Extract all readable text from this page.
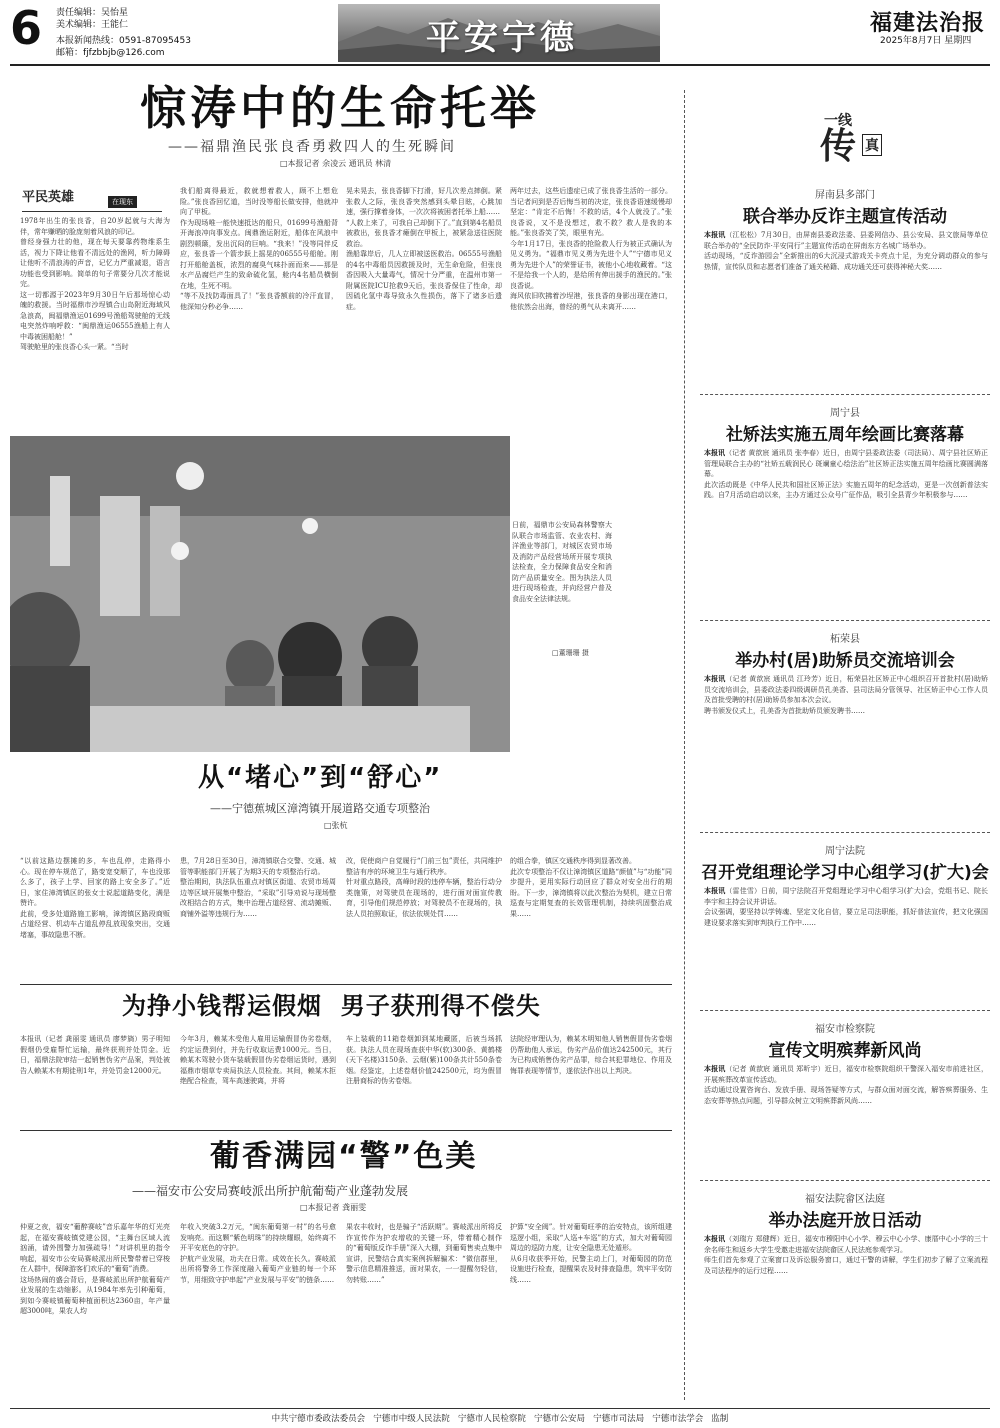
6 责任编辑：吴怡星
美术编辑：王能仁
本报新闻热线：0591-87095453
邮箱：fjfzbbjb@126.com	平安宁德	福建法治报
2025年8月7日 星期四
惊涛中的生命托举
——福鼎渔民张良香勇救四人的生死瞬间
□本报记者 余凌云 通讯员 林清
平民英雄	在现东
1978年出生的张良香，自20岁起就与大海为伴，常年赚晒的脸庞刻着风浪的印记。
曾经身强力壮的他，现在每天要靠药物维系生活，视力下降让他看不清远处的渔网，听力障碍让他听不清浪涛的声音，记忆力严重减退，语言功能也受到影响。简单的句子常要分几次才能说完。
这一切都源于2023年9月30日午后那场惊心动魄的救援。当时福鼎市沙埕镇合山岛附近海域风急浪高，闽福鼎渔运01699号渔船驾驶舱的无线电突然炸响呼救：“闽鼎渔运06555渔船上有人中毒被困船舱！”
驾驶舱里的张良香心头一紧。“当时
我们船离得最近，救就想着救人，顾不上想危险。”张良香回忆道，当时没等船长做安排，他就冲向了甲板。
作为现场唯一能快速抵达的船只，01699号渔船背开海浪冲向事发点。闽鼎渔运附近，船体在风浪中剧烈顿簸，发出沉闷的巨响。“我来！”没等同伴反应，张良香一个箭步跃上摇晃的06555号船舱。刚打开船舱盖板，浓烈的腐臭气味扑面而来——那是水产品腐烂产生的致命硫化氢，舱内4名船员横倒在地，生死不明。
“等不及找防毒面具了！”张良香额前的冷汗直冒，他深知分秒必争……
晃未晃去，张良香脚下打滑，好几次差点摔倒。紧张救人之际，张良香突然感到头晕目眩，心跳加速，强行撑着身体，一次次将被困者托举上船……
“人救上来了，可我自己却倒下了。”直到第4名船员被救出，张良香才瘫倒在甲板上，被紧急送往医院救治。
渔船靠岸后，几人立即被送医救治。06555号渔船的4名中毒船员因救援及时，无生命危险，但张良香因吸入大量毒气，情况十分严重，在温州市第一附属医院ICU抢救9天后，张良香保住了性命，却因硫化氢中毒导致永久性损伤，落下了诸多后遗症。
两年过去，这些后遗症已成了张良香生活的一部分。当记者问到是否后悔当初的决定，张良香语速缓慢却坚定：“肯定不后悔！不救的话，4个人就没了。”张良香说，又不是没想过，救不救？救人是我的本能。”张良香笑了笑，眼里有光。
今年1月17日，张良香的抢险救人行为被正式确认为见义勇为。“福鼎市见义勇为先进个人”“宁德市见义勇为先进个人”的荣誉证书，被他小心地收藏着。“这不是给我一个人的，是给所有伸出援手的渔民的。”张良香说。
海风依旧吹拂着沙埕港，张良香的身影出现在港口，他依然会出海，曾经的勇气从未离开……
日前，福鼎市公安局森林警察大队联合市场监管、农业农村、海洋渔业等部门，对城区农贸市场及消防产品经营场所开展专项执法检查，全力保障食品安全和消防产品质量安全。图为执法人员进行现场检查，并向经营户普及食品安全法律法规。
□董珊珊 摄
从“堵心”到“舒心”
——宁德蕉城区漳湾镇开展道路交通专项整治
□张杭
“以前这路边摆摊的多，车也乱停，走路得小心。现在停车规范了，路变宽变顺了，车也没那么多了，孩子上学、回家的路上安全多了。”近日，家住漳湾镇区的张女士说起道路变化，满是赞许。
此前，受多处道路施工影响，漳湾镇区路段商贩占道经营、机动车占道乱停乱放现象突出，交通堵塞，事故隐患不断。
患，7月28日至30日，漳湾镇联合交警、交通、城管等职能部门开展了为期3天的专项整治行动。
整治期间，执法队伍重点对镇区街道、农贸市场周边等区域开展集中整治，“采取”引导劝说与现场整改相结合的方式，集中治理占道经营、流动摊贩、商铺外溢等违规行为……
改，促使商户自觉履行“门前三包”责任，共同维护整洁有序的环境卫生与通行秩序。
针对重点路段，高峰时段的违停车辆，整治行动分类施策，对驾驶员在现场的，进行面对面宣传教育，引导他们规范停放；对驾驶员不在现场的，执法人员拍照取证，依法依规处罚……
的组合拳，镇区交通秩序得到显著改善。
此次专项整治不仅让漳湾镇区道路“颜值”与“功能”同步提升，更用实际行动回应了群众对安全出行的期盼。下一步，漳湾镇将以此次整治为契机，建立日常巡查与定期复查的长效管理机制，持续巩固整治成果……
为挣小钱帮运假烟  男子获刑得不偿失
本报讯（记者 龚丽雯 通讯员 廖梦旖）男子明知假烟仍受雇帮忙运输，最终获刑并处罚金。近日，福鼎法院审结一起销售伪劣产品案，判处被告人赖某木有期徒刑1年，并处罚金12000元。
今年3月，赖某木受他人雇用运输假冒伪劣卷烟，约定运费到付，并先行收取运费1000元。当日，赖某木驾驶小货车装载假冒伪劣卷烟运货时，遇到福鼎市烟草专卖局执法人员检查。其间，赖某木拒绝配合检查，驾车高速驶离，并将
车上装载的11箱卷烟卸到某地藏匿，后被当场抓获。执法人员在现场查获中华(软)300条、黄鹤楼(天下名楼)3150条、云烟(紫)100条共计550条卷烟。经鉴定，上述卷烟价值242500元，均为假冒注册商标的伪劣卷烟。
法院经审理认为，赖某木明知他人销售假冒伪劣卷烟仍帮助他人承运，伪劣产品价值达242500元，其行为已构成销售伪劣产品罪，综合其犯罪地位、作用及悔罪表现等情节，遂依法作出以上判决。
葡香满园“警”色美
——福安市公安局赛岐派出所护航葡萄产业蓬勃发展
□本报记者 龚丽雯
仲夏之夜，福安“葡醉赛岐”音乐嘉年华的灯光亮起，在福安赛岐镇党建公园，“主舞台区域人流汹涌，请外围警力加强疏导！”对讲机里的指令响起，福安市公安局赛岐派出所民警带着已穿梭在人群中，保障游客们欢乐的“葡萄”消费。
这场热闹的盛会背后，是赛岐派出所护航葡萄产业发展的生动缩影。从1984年率先引种葡萄，到如今赛岐镇葡萄种植面积达2360亩，年产量超3000吨，果农人均
年收入突破3.2万元，“闽东葡萄第一村”的名号愈发响亮。而这颗“紫色明珠”的持续耀眼，始终离不开平安底色的守护。
护航产业发展，功夫在日常。成效在长久。赛岐派出所将警务工作深度融入葡萄产业链的每一个环节，用细致守护串起“产业发展与平安”的链条……
果农丰收时，也是骗子“活跃期”。赛岐派出所将反诈宣传作为护农增收的关键一环，带着精心制作的“葡萄版反诈手册”深入大棚，到葡萄售卖点集中宣讲，民警结合真实案例拆解骗术：“微信群里，警示信息精准推送，面对果农，一一提醒勿轻信，勿转账……”
护算“安全阀”。针对葡萄旺季的治安特点，该所组建巡逻小组，采取“人巡+车巡”的方式，加大对葡萄园周边的巡防力度，让安全隐患无处遁形。
从6月收获季开始，民警主动上门，对葡萄园的防范设施进行检查，提醒果农及时排查隐患，筑牢平安防线……
一线
传 真
屏南县多部门
联合举办反诈主题宣传活动
本报讯（江松松）7月30日，由屏南县委政法委、县委网信办、县公安局、县文旅局等单位联合举办的“全民防诈·平安同行”主题宣传活动在屏南东方名城广场举办。
活动现场，“反诈游园会”全新推出的6大沉浸式游戏关卡亮点十足，为充分调动群众的参与热情，宣传队员和志愿者们准备了通关秘籍、成功通关还可获得神秘大奖……
周宁县
社矫法实施五周年绘画比赛落幕
本报讯（记者 黄歆宸 通讯员 张李春）近日，由周宁县委政法委（司法局）、周宁县社区矫正管理局联合主办的“社矫五载润民心 斑斓童心绘法治”社区矫正法实施五周年绘画比赛圆满落幕。
此次活动既是《中华人民共和国社区矫正法》实施五周年的纪念活动，更是一次创新普法实践。自7月活动启动以来，主办方通过公众号广征作品，吸引全县青少年积极参与……
柘荣县
举办村(居)助矫员交流培训会
本报讯（记者 黄歆宸 通讯员 江玲芳）近日，柘荣县社区矫正中心组织召开首批村(居)助矫员交流培训会，县委政法委四级调研员孔美香、县司法局分管领导、社区矫正中心工作人员及首批受聘的村(居)助矫员参加本次会议。
聘书颁发仪式上，孔美香为首批助矫员颁发聘书……
周宁法院
召开党组理论学习中心组学习(扩大)会
本报讯（雷佳雪）日前，周宁法院召开党组理论学习中心组学习(扩大)会，党组书记、院长李宇和主持会议并讲话。
会议强调，要坚持以学铸魂、坚定文化自信，要立足司法职能，抓好普法宣传，把文化强国建设要求落实到审判执行工作中……
福安市检察院
宣传文明殡葬新风尚
本报讯（记者 黄歆宸 通讯员 郑昕宇）近日，福安市检察院组织干警深入福安市前进社区，开展殡葬改革宣传活动。
活动通过设置咨询台、发放手册、现场答疑等方式，与群众面对面交流，解答殡葬服务、生态安葬等热点问题，引导群众树立文明殡葬新风尚……
福安法院畲区法庭
举办法庭开放日活动
本报讯（刘瑞方 郑健辉）近日，福安市穆阳中心小学、穆云中心小学、康厝中心小学的三十余名师生和返乡大学生受邀走进福安法院畲区人民法庭参观学习。
师生们首先参观了立案窗口及诉讼服务窗口，通过干警的讲解，学生们初步了解了立案流程及司法程序的运行过程……
中共宁德市委政法委员会   宁德市中级人民法院   宁德市人民检察院   宁德市公安局   宁德市司法局   宁德市法学会   监制
